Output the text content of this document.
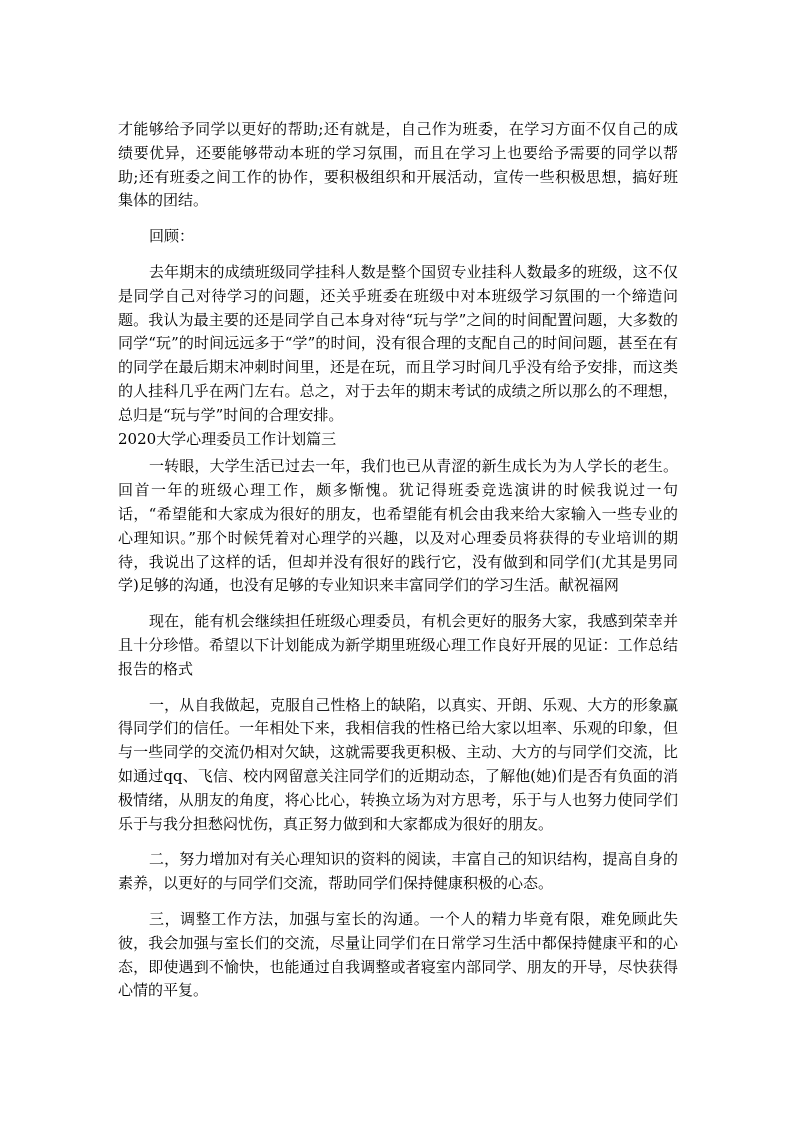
才能够给予同学以更好的帮助;还有就是，自己作为班委，在学习方面不仅自己的成绩要优异，还要能够带动本班的学习氛围，而且在学习上也要给予需要的同学以帮助;还有班委之间工作的协作，要积极组织和开展活动，宣传一些积极思想，搞好班集体的团结。

回顾：

去年期末的成绩班级同学挂科人数是整个国贸专业挂科人数最多的班级，这不仅是同学自己对待学习的问题，还关乎班委在班级中对本班级学习氛围的一个缔造问题。我认为最主要的还是同学自己本身对待“玩与学”之间的时间配置问题，大多数的同学“玩”的时间远远多于“学”的时间，没有很合理的支配自己的时间问题，甚至在有的同学在最后期末冲刺时间里，还是在玩，而且学习时间几乎没有给予安排，而这类的人挂科几乎在两门左右。总之，对于去年的期末考试的成绩之所以那么的不理想，总归是“玩与学”时间的合理安排。

2020大学心理委员工作计划篇三

一转眼，大学生活已过去一年，我们也已从青涩的新生成长为为人学长的老生。回首一年的班级心理工作，颇多惭愧。犹记得班委竞选演讲的时候我说过一句话，“希望能和大家成为很好的朋友，也希望能有机会由我来给大家输入一些专业的心理知识。”那个时候凭着对心理学的兴趣，以及对心理委员将获得的专业培训的期待，我说出了这样的话，但却并没有很好的践行它，没有做到和同学们(尤其是男同学)足够的沟通，也没有足够的专业知识来丰富同学们的学习生活。献祝福网

现在，能有机会继续担任班级心理委员，有机会更好的服务大家，我感到荣幸并且十分珍惜。希望以下计划能成为新学期里班级心理工作良好开展的见证：工作总结报告的格式

一，从自我做起，克服自己性格上的缺陷，以真实、开朗、乐观、大方的形象赢得同学们的信任。一年相处下来，我相信我的性格已给大家以坦率、乐观的印象，但与一些同学的交流仍相对欠缺，这就需要我更积极、主动、大方的与同学们交流，比如通过qq、飞信、校内网留意关注同学们的近期动态，了解他(她)们是否有负面的消极情绪，从朋友的角度，将心比心，转换立场为对方思考，乐于与人也努力使同学们乐于与我分担愁闷忧伤，真正努力做到和大家都成为很好的朋友。

二，努力增加对有关心理知识的资料的阅读，丰富自己的知识结构，提高自身的素养，以更好的与同学们交流，帮助同学们保持健康积极的心态。

三，调整工作方法，加强与室长的沟通。一个人的精力毕竟有限，难免顾此失彼，我会加强与室长们的交流，尽量让同学们在日常学习生活中都保持健康平和的心态，即使遇到不愉快，也能通过自我调整或者寝室内部同学、朋友的开导，尽快获得心情的平复。
